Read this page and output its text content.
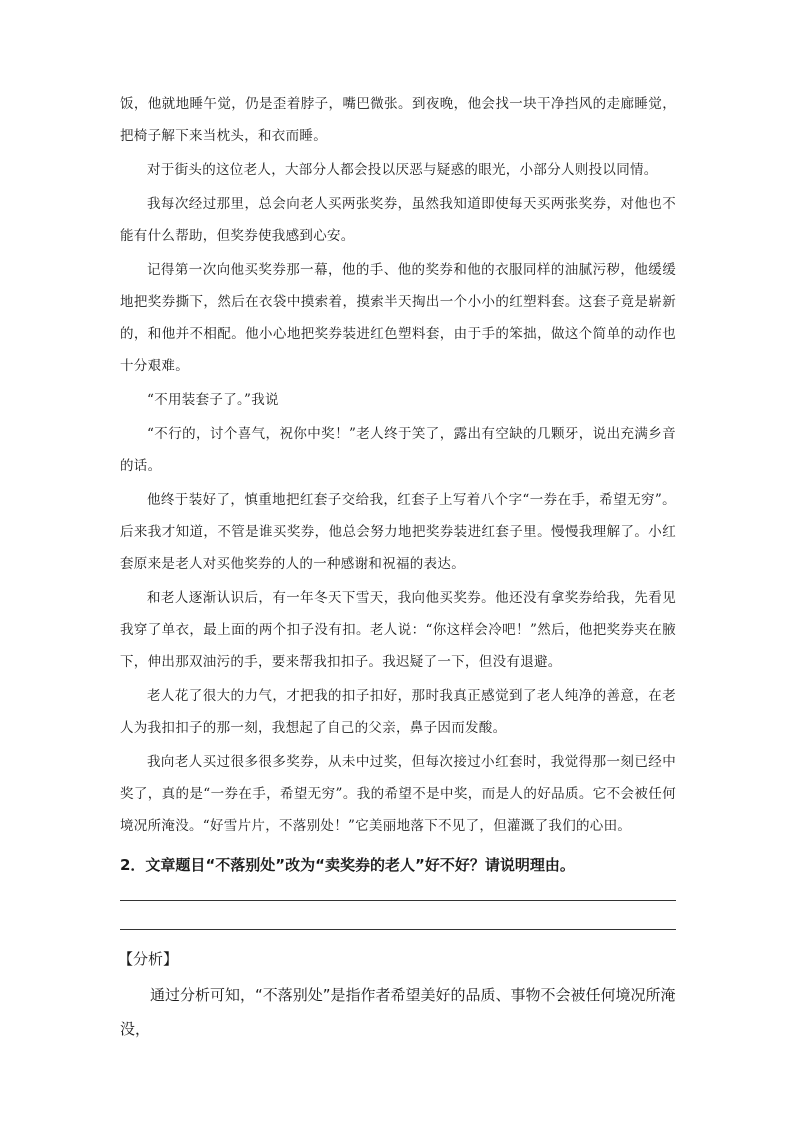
饭，他就地睡午觉，仍是歪着脖子，嘴巴微张。到夜晚，他会找一块干净挡风的走廊睡觉，把椅子解下来当枕头，和衣而睡。

对于街头的这位老人，大部分人都会投以厌恶与疑惑的眼光，小部分人则投以同情。

我每次经过那里，总会向老人买两张奖券，虽然我知道即使每天买两张奖券，对他也不能有什么帮助，但奖券使我感到心安。

记得第一次向他买奖券那一幕，他的手、他的奖券和他的衣服同样的油腻污秽，他缓缓地把奖券撕下，然后在衣袋中摸索着，摸索半天掏出一个小小的红塑料套。这套子竟是崭新的，和他并不相配。他小心地把奖券装进红色塑料套，由于手的笨拙，做这个简单的动作也十分艰难。

“不用装套子了。”我说

“不行的，讨个喜气，祝你中奖！”老人终于笑了，露出有空缺的几颗牙，说出充满乡音的话。

他终于装好了，慎重地把红套子交给我，红套子上写着八个字“一券在手，希望无穷”。后来我才知道，不管是谁买奖券，他总会努力地把奖券装进红套子里。慢慢我理解了。小红套原来是老人对买他奖券的人的一种感谢和祝福的表达。

和老人逐渐认识后，有一年冬天下雪天，我向他买奖券。他还没有拿奖券给我，先看见我穿了单衣，最上面的两个扣子没有扣。老人说：“你这样会冷吧！”然后，他把奖券夹在腋下，伸出那双油污的手，要来帮我扣扣子。我迟疑了一下，但没有退避。

老人花了很大的力气，才把我的扣子扣好，那时我真正感觉到了老人纯净的善意，在老人为我扣扣子的那一刻，我想起了自己的父亲，鼻子因而发酸。

我向老人买过很多很多奖券，从未中过奖，但每次接过小红套时，我觉得那一刻已经中奖了，真的是“一券在手，希望无穷”。我的希望不是中奖，而是人的好品质。它不会被任何境况所淹没。“好雪片片，不落别处！”它美丽地落下不见了，但灌溉了我们的心田。

2．文章题目“不落别处”改为“卖奖券的老人”好不好？请说明理由。

【分析】

通过分析可知，“不落别处”是指作者希望美好的品质、事物不会被任何境况所淹没，
